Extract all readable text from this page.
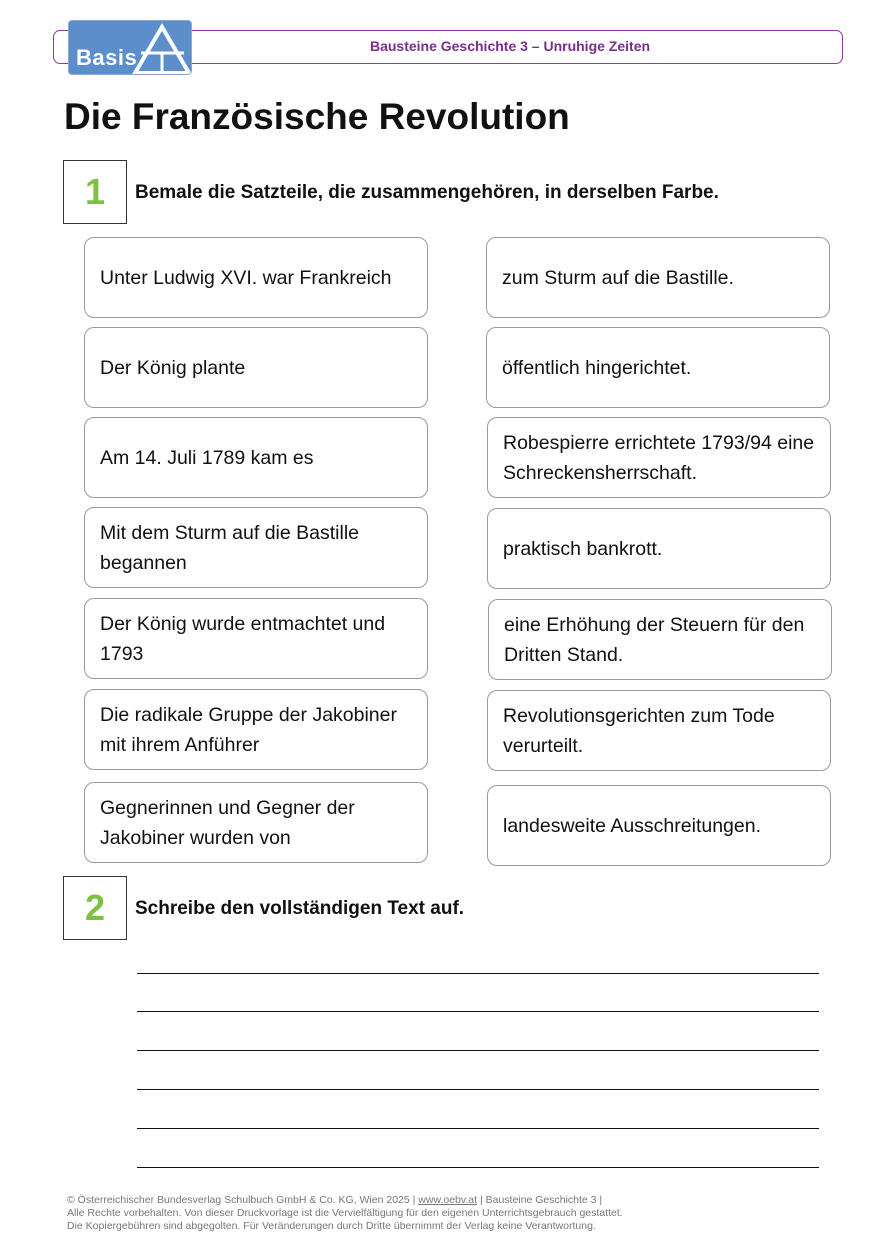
Basis	Bausteine Geschichte 3 – Unruhige Zeiten
Die Französische Revolution
1	Bemale die Satzteile, die zusammengehören, in derselben Farbe.
Unter Ludwig XVI. war Frankreich
Der König plante
Am 14. Juli 1789 kam es
Mit dem Sturm auf die Bastille begannen
Der König wurde entmachtet und 1793
Die radikale Gruppe der Jakobiner mit ihrem Anführer
Gegnerinnen und Gegner der Jakobiner wurden von
zum Sturm auf die Bastille.
öffentlich hingerichtet.
Robespierre errichtete 1793/94 eine Schreckensherrschaft.
praktisch bankrott.
eine Erhöhung der Steuern für den Dritten Stand.
Revolutionsgerichten zum Tode verurteilt.
landesweite Ausschreitungen.
2	Schreibe den vollständigen Text auf.
© Österreichischer Bundesverlag Schulbuch GmbH & Co. KG, Wien 2025 | www.oebv.at | Bausteine Geschichte 3 |
Alle Rechte vorbehalten. Von dieser Druckvorlage ist die Vervielfältigung für den eigenen Unterrichtsgebrauch gestattet.
Die Kopiergebühren sind abgegolten. Für Veränderungen durch Dritte übernimmt der Verlag keine Verantwortung.
